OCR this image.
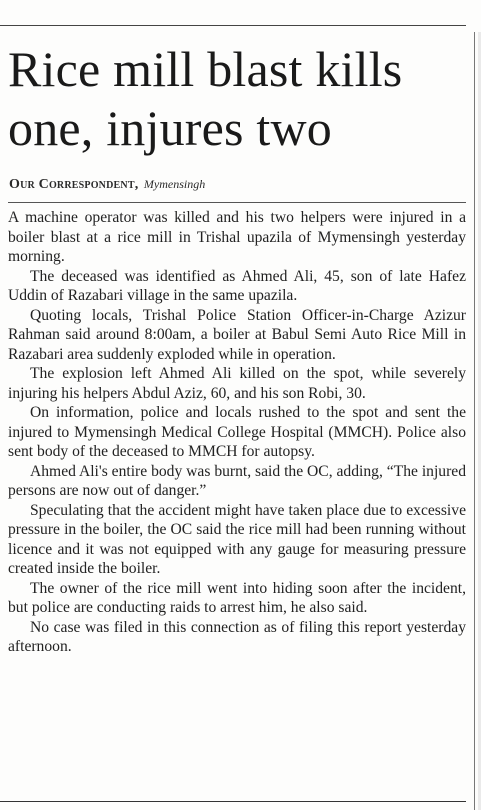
Rice mill blast kills one, injures two
Our Correspondent, Mymensingh

A machine operator was killed and his two helpers were injured in a boiler blast at a rice mill in Trishal upazila of Mymensingh yesterday morning.

The deceased was identified as Ahmed Ali, 45, son of late Hafez Uddin of Razabari village in the same upazila.

Quoting locals, Trishal Police Station Officer-in-Charge Azizur Rahman said around 8:00am, a boiler at Babul Semi Auto Rice Mill in Razabari area suddenly exploded while in operation.

The explosion left Ahmed Ali killed on the spot, while severely injuring his helpers Abdul Aziz, 60, and his son Robi, 30.

On information, police and locals rushed to the spot and sent the injured to Mymensingh Medical College Hospital (MMCH). Police also sent body of the deceased to MMCH for autopsy.

Ahmed Ali's entire body was burnt, said the OC, adding, “The injured persons are now out of danger.”

Speculating that the accident might have taken place due to excessive pressure in the boiler, the OC said the rice mill had been running without licence and it was not equipped with any gauge for measuring pressure created inside the boiler.

The owner of the rice mill went into hiding soon after the incident, but police are conducting raids to arrest him, he also said.

No case was filed in this connection as of filing this report yesterday afternoon.
